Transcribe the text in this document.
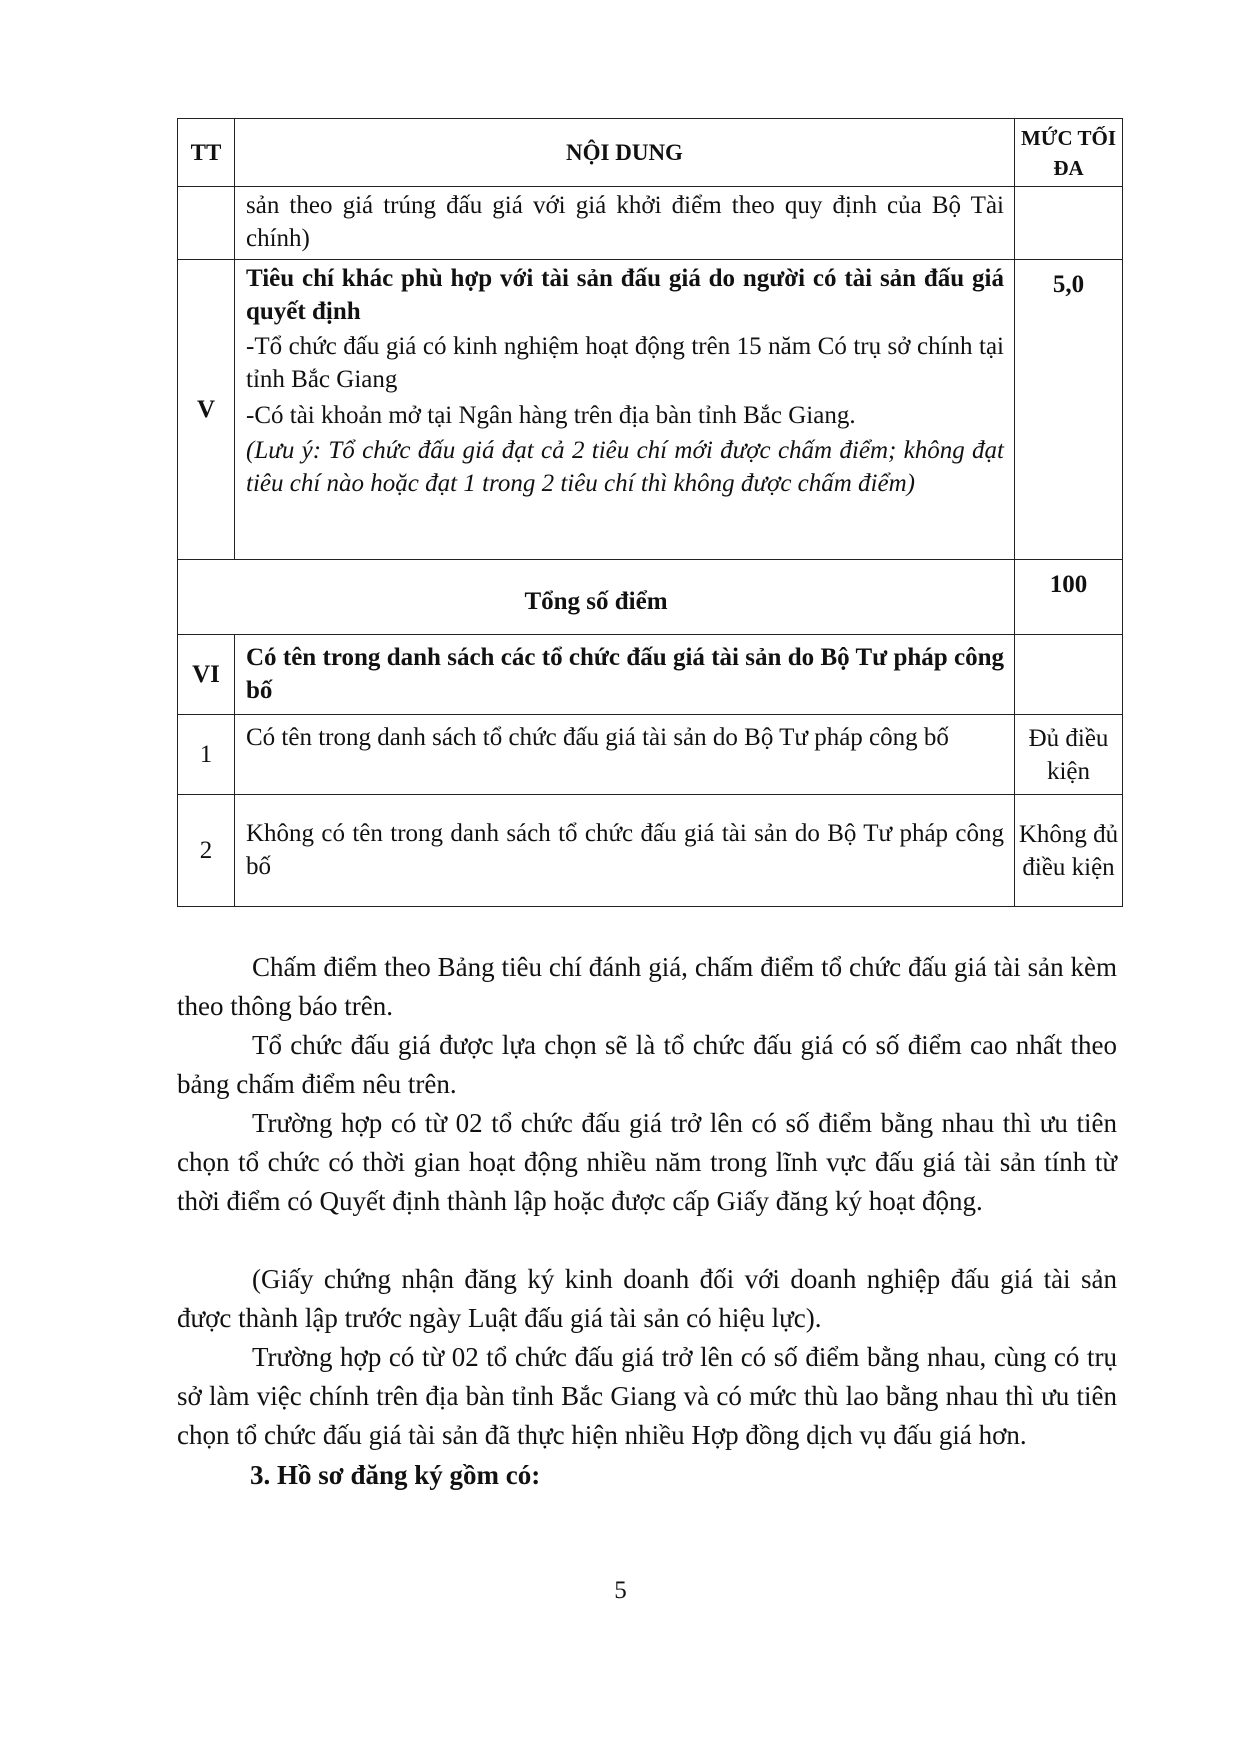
TT	NỘI DUNG	MỨC TỐI ĐA
	sản theo giá trúng đấu giá với giá khởi điểm theo quy định của Bộ Tài chính)	
V	Tiêu chí khác phù hợp với tài sản đấu giá do người có tài sản đấu giá quyết định

-Tổ chức đấu giá có kinh nghiệm hoạt động trên 15 năm Có trụ sở chính tại tỉnh Bắc Giang

-Có tài khoản mở tại Ngân hàng trên địa bàn tỉnh Bắc Giang.

(Lưu ý: Tổ chức đấu giá đạt cả 2 tiêu chí mới được chấm điểm; không đạt tiêu chí nào hoặc đạt 1 trong 2 tiêu chí thì không được chấm điểm)	5,0
Tổng số điểm		100
VI	Có tên trong danh sách các tổ chức đấu giá tài sản do Bộ Tư pháp công bố	
1	Có tên trong danh sách tổ chức đấu giá tài sản do Bộ Tư pháp công bố	Đủ điều kiện
2	Không có tên trong danh sách tổ chức đấu giá tài sản do Bộ Tư pháp công bố	Không đủ điều kiện

Chấm điểm theo Bảng tiêu chí đánh giá, chấm điểm tổ chức đấu giá tài sản kèm theo thông báo trên.

Tổ chức đấu giá được lựa chọn sẽ là tổ chức đấu giá có số điểm cao nhất theo bảng chấm điểm nêu trên.

Trường hợp có từ 02 tổ chức đấu giá trở lên có số điểm bằng nhau thì ưu tiên chọn tổ chức có thời gian hoạt động nhiều năm trong lĩnh vực đấu giá tài sản tính từ thời điểm có Quyết định thành lập hoặc được cấp Giấy đăng ký hoạt động.

(Giấy chứng nhận đăng ký kinh doanh đối với doanh nghiệp đấu giá tài sản được thành lập trước ngày Luật đấu giá tài sản có hiệu lực).

Trường hợp có từ 02 tổ chức đấu giá trở lên có số điểm bằng nhau, cùng có trụ sở làm việc chính trên địa bàn tỉnh Bắc Giang và có mức thù lao bằng nhau thì ưu tiên chọn tổ chức đấu giá tài sản đã thực hiện nhiều Hợp đồng dịch vụ đấu giá hơn.

3. Hồ sơ đăng ký gồm có:

5
